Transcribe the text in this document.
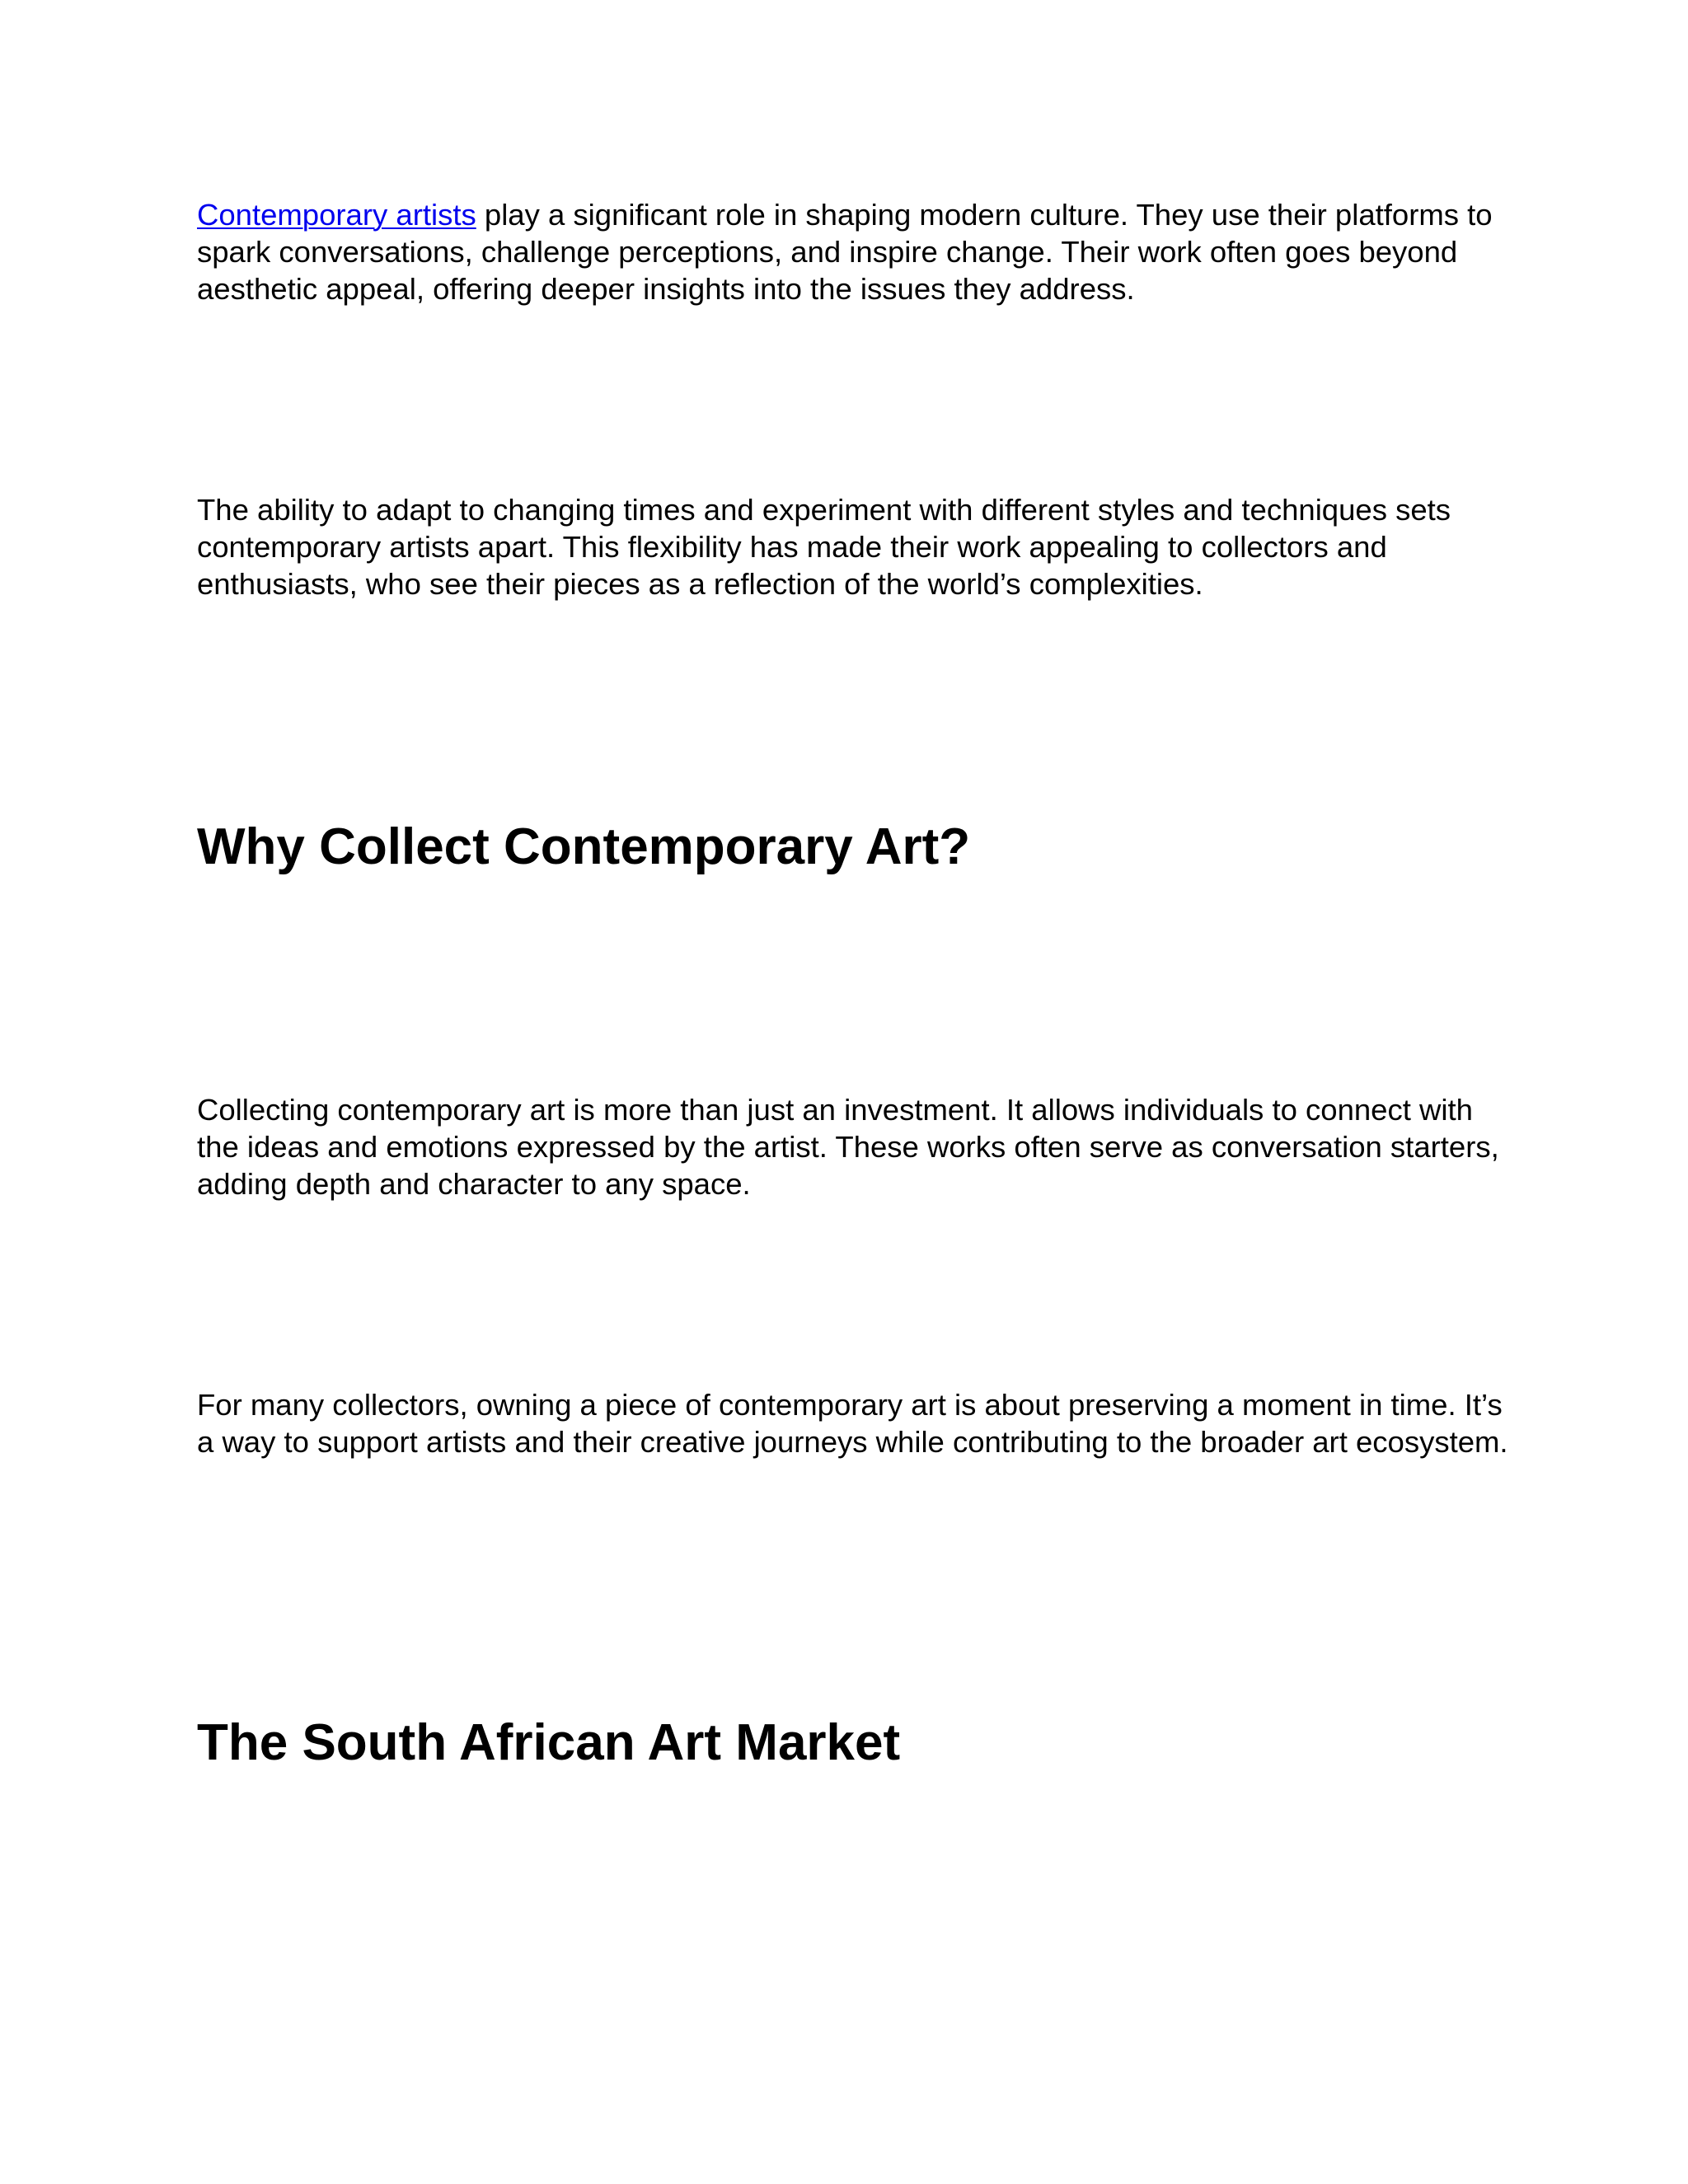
Contemporary artists play a significant role in shaping modern culture. They use their platforms to spark conversations, challenge perceptions, and inspire change. Their work often goes beyond aesthetic appeal, offering deeper insights into the issues they address.

The ability to adapt to changing times and experiment with different styles and techniques sets contemporary artists apart. This flexibility has made their work appealing to collectors and enthusiasts, who see their pieces as a reflection of the world’s complexities.

Why Collect Contemporary Art?

Collecting contemporary art is more than just an investment. It allows individuals to connect with the ideas and emotions expressed by the artist. These works often serve as conversation starters, adding depth and character to any space.

For many collectors, owning a piece of contemporary art is about preserving a moment in time. It’s a way to support artists and their creative journeys while contributing to the broader art ecosystem.

The South African Art Market
